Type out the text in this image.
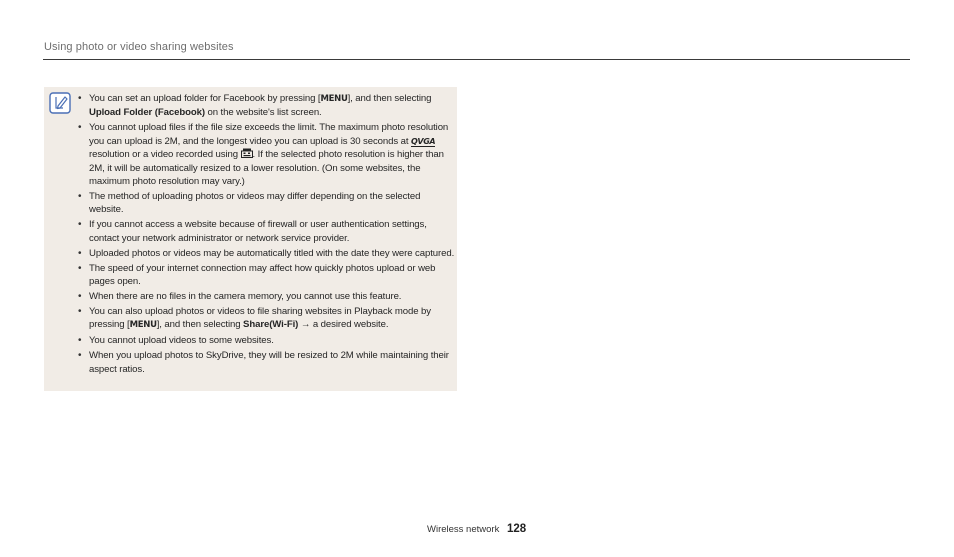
Using photo or video sharing websites
• You can set an upload folder for Facebook by pressing [MENU], and then selecting Upload Folder (Facebook) on the website's list screen.
• You cannot upload files if the file size exceeds the limit. The maximum photo resolution you can upload is 2M, and the longest video you can upload is 30 seconds at QVGA resolution or a video recorded using . If the selected photo resolution is higher than 2M, it will be automatically resized to a lower resolution. (On some websites, the maximum photo resolution may vary.)
• The method of uploading photos or videos may differ depending on the selected website.
• If you cannot access a website because of firewall or user authentication settings, contact your network administrator or network service provider.
• Uploaded photos or videos may be automatically titled with the date they were captured.
• The speed of your internet connection may affect how quickly photos upload or web pages open.
• When there are no files in the camera memory, you cannot use this feature.
• You can also upload photos or videos to file sharing websites in Playback mode by pressing [MENU], and then selecting Share(Wi-Fi) → a desired website.
• You cannot upload videos to some websites.
• When you upload photos to SkyDrive, they will be resized to 2M while maintaining their aspect ratios.
Wireless network 128
